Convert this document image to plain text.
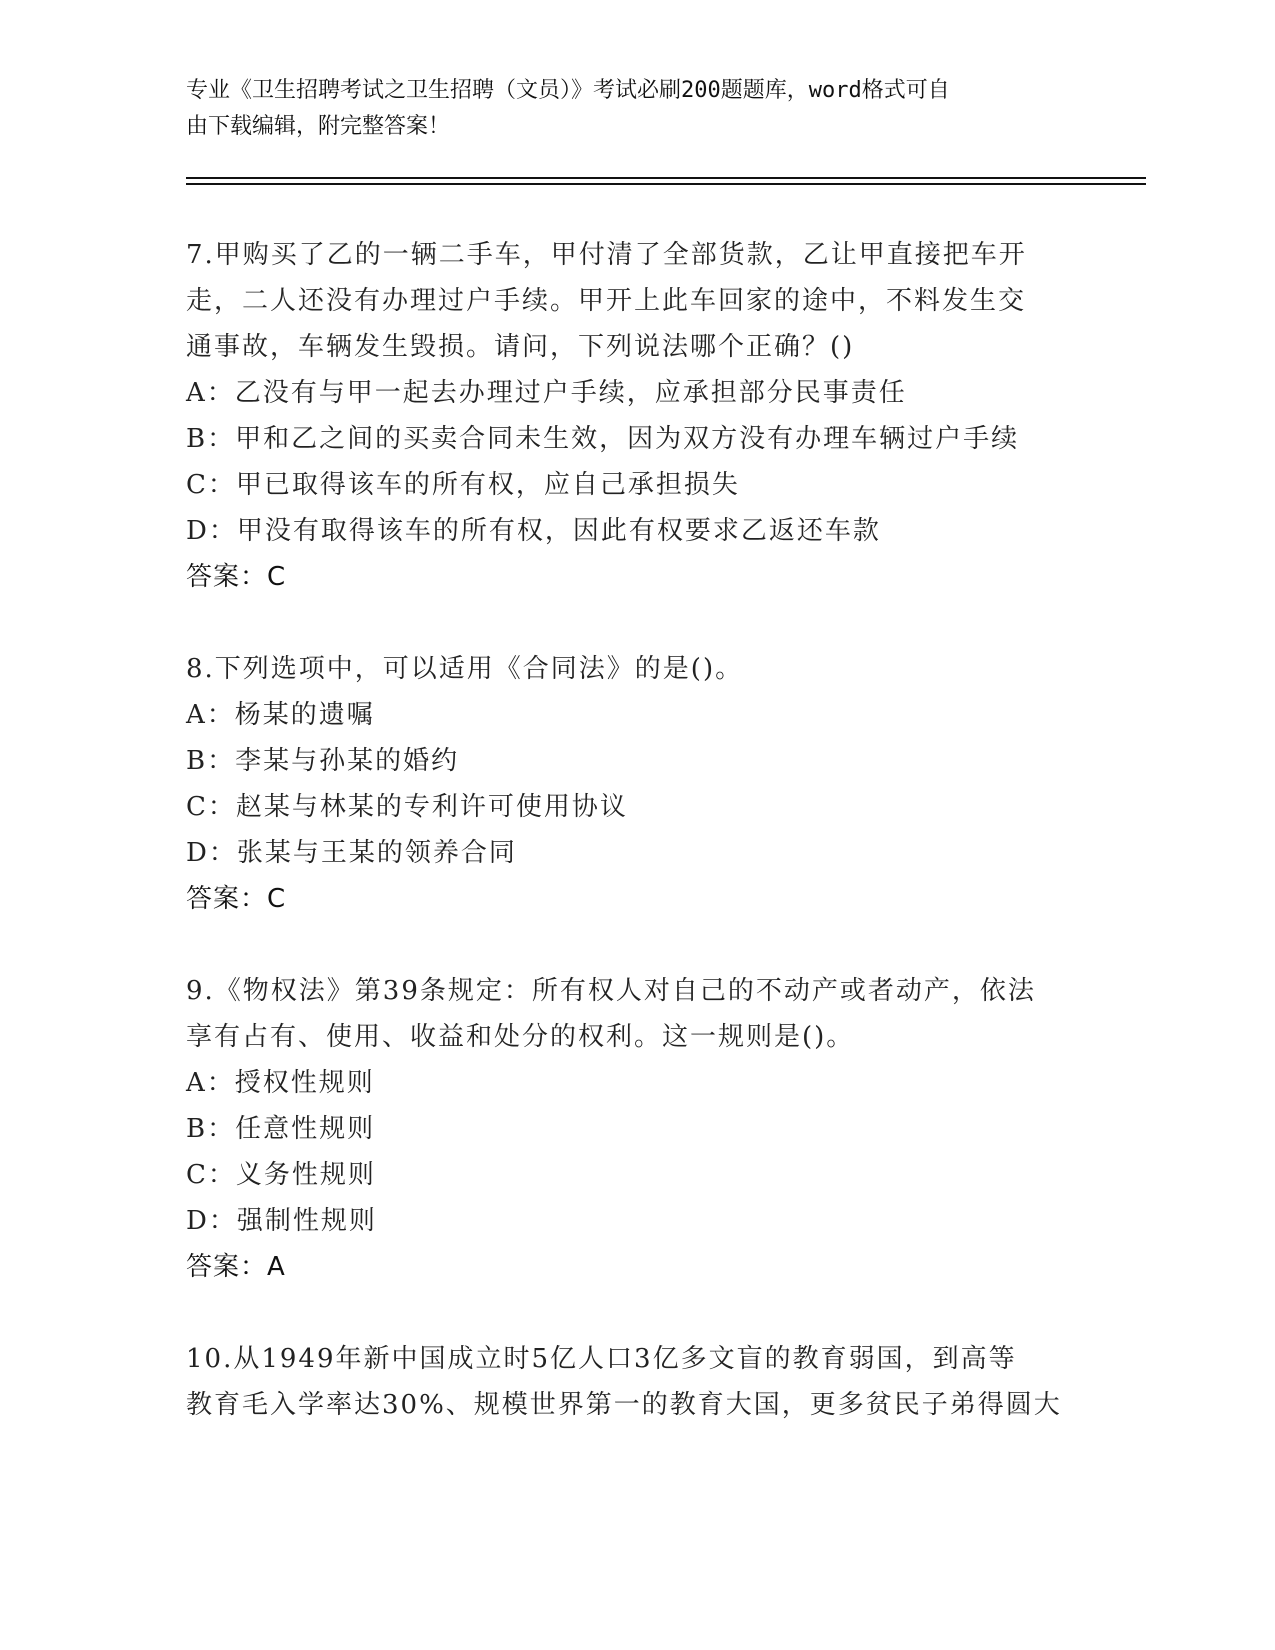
专业《卫生招聘考试之卫生招聘（文员）》考试必刷200题题库，word格式可自
由下载编辑，附完整答案！
7.甲购买了乙的一辆二手车，甲付清了全部货款，乙让甲直接把车开
走，二人还没有办理过户手续。甲开上此车回家的途中，不料发生交
通事故，车辆发生毁损。请问，下列说法哪个正确？()
A：乙没有与甲一起去办理过户手续，应承担部分民事责任
B：甲和乙之间的买卖合同未生效，因为双方没有办理车辆过户手续
C：甲已取得该车的所有权，应自己承担损失
D：甲没有取得该车的所有权，因此有权要求乙返还车款
答案：C
8.下列选项中，可以适用《合同法》的是()。
A：杨某的遗嘱
B：李某与孙某的婚约
C：赵某与林某的专利许可使用协议
D：张某与王某的领养合同
答案：C
9.《物权法》第39条规定：所有权人对自己的不动产或者动产，依法
享有占有、使用、收益和处分的权利。这一规则是()。
A：授权性规则
B：任意性规则
C：义务性规则
D：强制性规则
答案：A
10.从1949年新中国成立时5亿人口3亿多文盲的教育弱国，到高等
教育毛入学率达30%、规模世界第一的教育大国，更多贫民子弟得圆大
